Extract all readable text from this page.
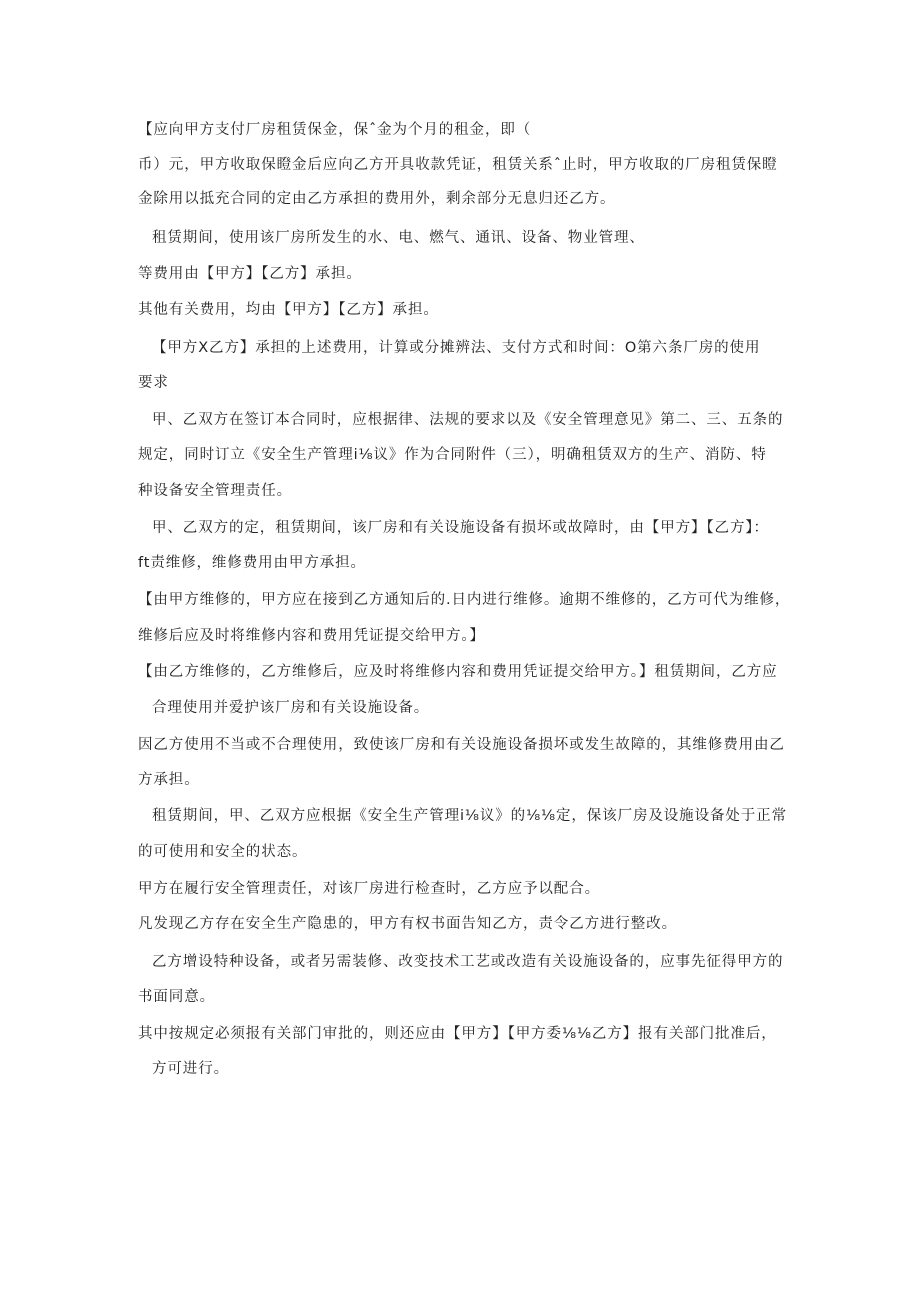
【应向甲方支付厂房租赁保金，保ˆ金为个月的租金，即（
币）元，甲方收取保瞪金后应向乙方开具收款凭证，租赁关系ˆ止时，甲方收取的厂房租赁保瞪
金除用以抵充合同的定由乙方承担的费用外，剩余部分无息归还乙方。
租赁期间，使用该厂房所发生的水、电、燃气、通讯、设备、物业管理、
等费用由【甲方】【乙方】承担。
其他有关费用，均由【甲方】【乙方】承担。
【甲方X乙方】承担的上述费用，计算或分摊辨法、支付方式和时间：O第六条厂房的使用
要求
甲、乙双方在签订本合同时，应根据律、法规的要求以及《安全管理意见》第二、三、五条的
规定，同时订立《安全生产管理i⅛议》作为合同附件（三），明确租赁双方的生产、消防、特
种设备安全管理责任。
甲、乙双方的定，租赁期间，该厂房和有关设施设备有损坏或故障时，由【甲方】【乙方】：
ft责维修，维修费用由甲方承担。
【由甲方维修的，甲方应在接到乙方通知后的.日内进行维修。逾期不维修的，乙方可代为维修，
维修后应及时将维修内容和费用凭证提交给甲方。】
【由乙方维修的，乙方维修后，应及时将维修内容和费用凭证提交给甲方。】租赁期间，乙方应
合理使用并爱护该厂房和有关设施设备。
因乙方使用不当或不合理使用，致使该厂房和有关设施设备损坏或发生故障的，其维修费用由乙
方承担。
租赁期间，甲、乙双方应根据《安全生产管理i⅛议》的⅛⅛定，保该厂房及设施设备处于正常
的可使用和安全的状态。
甲方在履行安全管理责任，对该厂房进行检查时，乙方应予以配合。
凡发现乙方存在安全生产隐患的，甲方有权书面告知乙方，责令乙方进行整改。
乙方增设特种设备，或者另需装修、改变技术工艺或改造有关设施设备的，应事先征得甲方的
书面同意。
其中按规定必须报有关部门审批的，则还应由【甲方】【甲方委⅛⅛乙方】报有关部门批准后，
方可进行。
